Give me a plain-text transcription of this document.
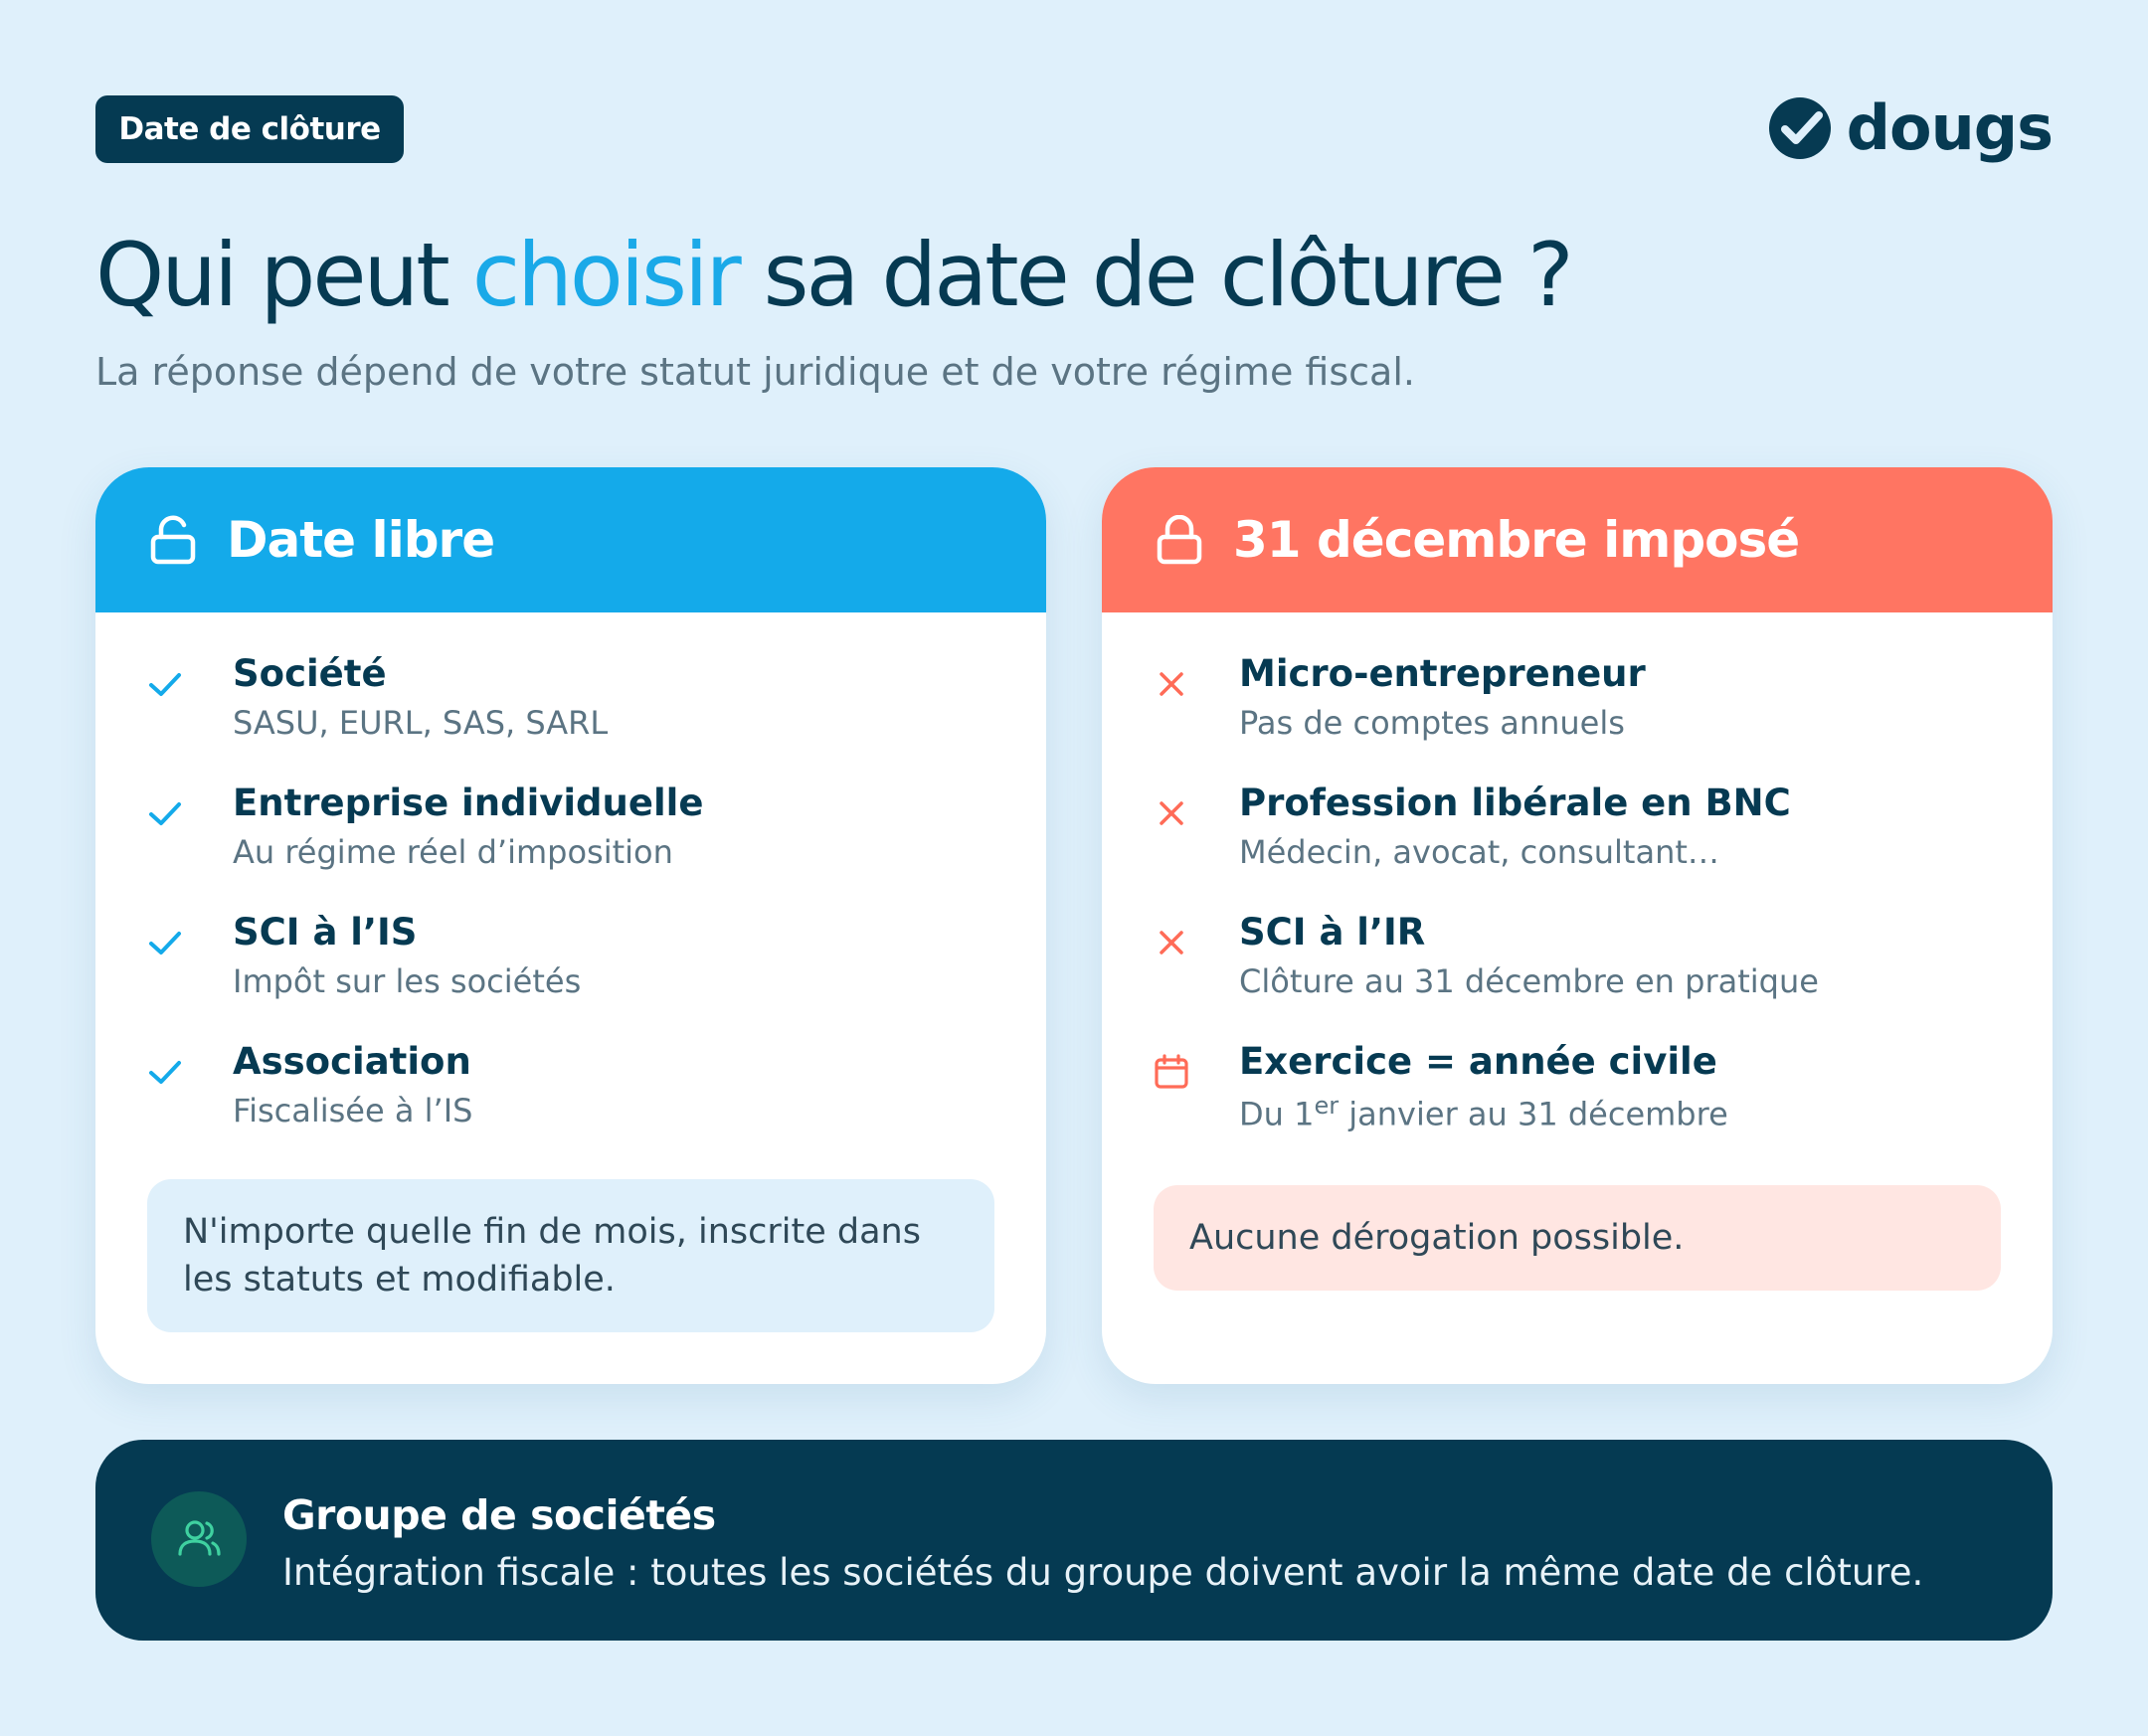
Date de clôture	dougs
Qui peut choisir sa date de clôture ?

La réponse dépend de votre statut juridique et de votre régime fiscal.

Date libre
Société
SASU, EURL, SAS, SARL
Entreprise individuelle
Au régime réel d’imposition
SCI à l’IS
Impôt sur les sociétés
Association
Fiscalisée à l’IS
N'importe quelle fin de mois, inscrite dans les statuts et modifiable.
31 décembre imposé
Micro-entrepreneur
Pas de comptes annuels
Profession libérale en BNC
Médecin, avocat, consultant…
SCI à l’IR
Clôture au 31 décembre en pratique
Exercice = année civile
Du 1er janvier au 31 décembre
Aucune dérogation possible.
Groupe de sociétés
Intégration fiscale : toutes les sociétés du groupe doivent avoir la même date de clôture.
